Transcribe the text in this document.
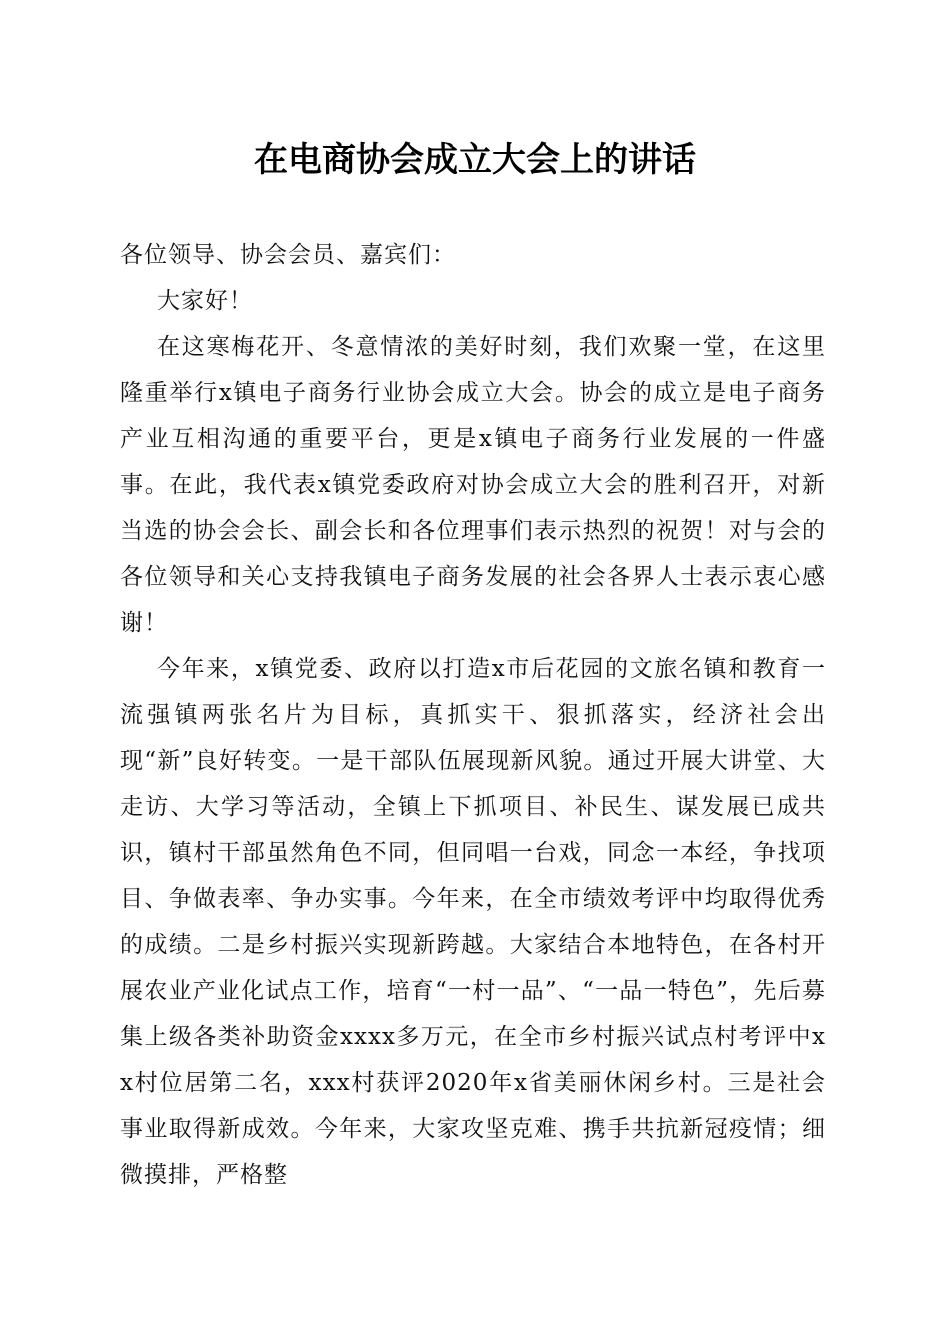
在电商协会成立大会上的讲话

各位领导、协会会员、嘉宾们：

大家好！

在这寒梅花开、冬意情浓的美好时刻，我们欢聚一堂，在这里隆重举行x镇电子商务行业协会成立大会。协会的成立是电子商务产业互相沟通的重要平台，更是x镇电子商务行业发展的一件盛事。在此，我代表x镇党委政府对协会成立大会的胜利召开，对新当选的协会会长、副会长和各位理事们表示热烈的祝贺！对与会的各位领导和关心支持我镇电子商务发展的社会各界人士表示衷心感谢！

今年来，x镇党委、政府以打造x市后花园的文旅名镇和教育一流强镇两张名片为目标，真抓实干、狠抓落实，经济社会出现“新”良好转变。一是干部队伍展现新风貌。通过开展大讲堂、大走访、大学习等活动，全镇上下抓项目、补民生、谋发展已成共识，镇村干部虽然角色不同，但同唱一台戏，同念一本经，争找项目、争做表率、争办实事。今年来，在全市绩效考评中均取得优秀的成绩。二是乡村振兴实现新跨越。大家结合本地特色，在各村开展农业产业化试点工作，培育“一村一品”、“一品一特色”，先后募集上级各类补助资金xxxx多万元，在全市乡村振兴试点村考评中xx村位居第二名，xxx村获评2020年x省美丽休闲乡村。三是社会事业取得新成效。今年来，大家攻坚克难、携手共抗新冠疫情；细微摸排，严格整
